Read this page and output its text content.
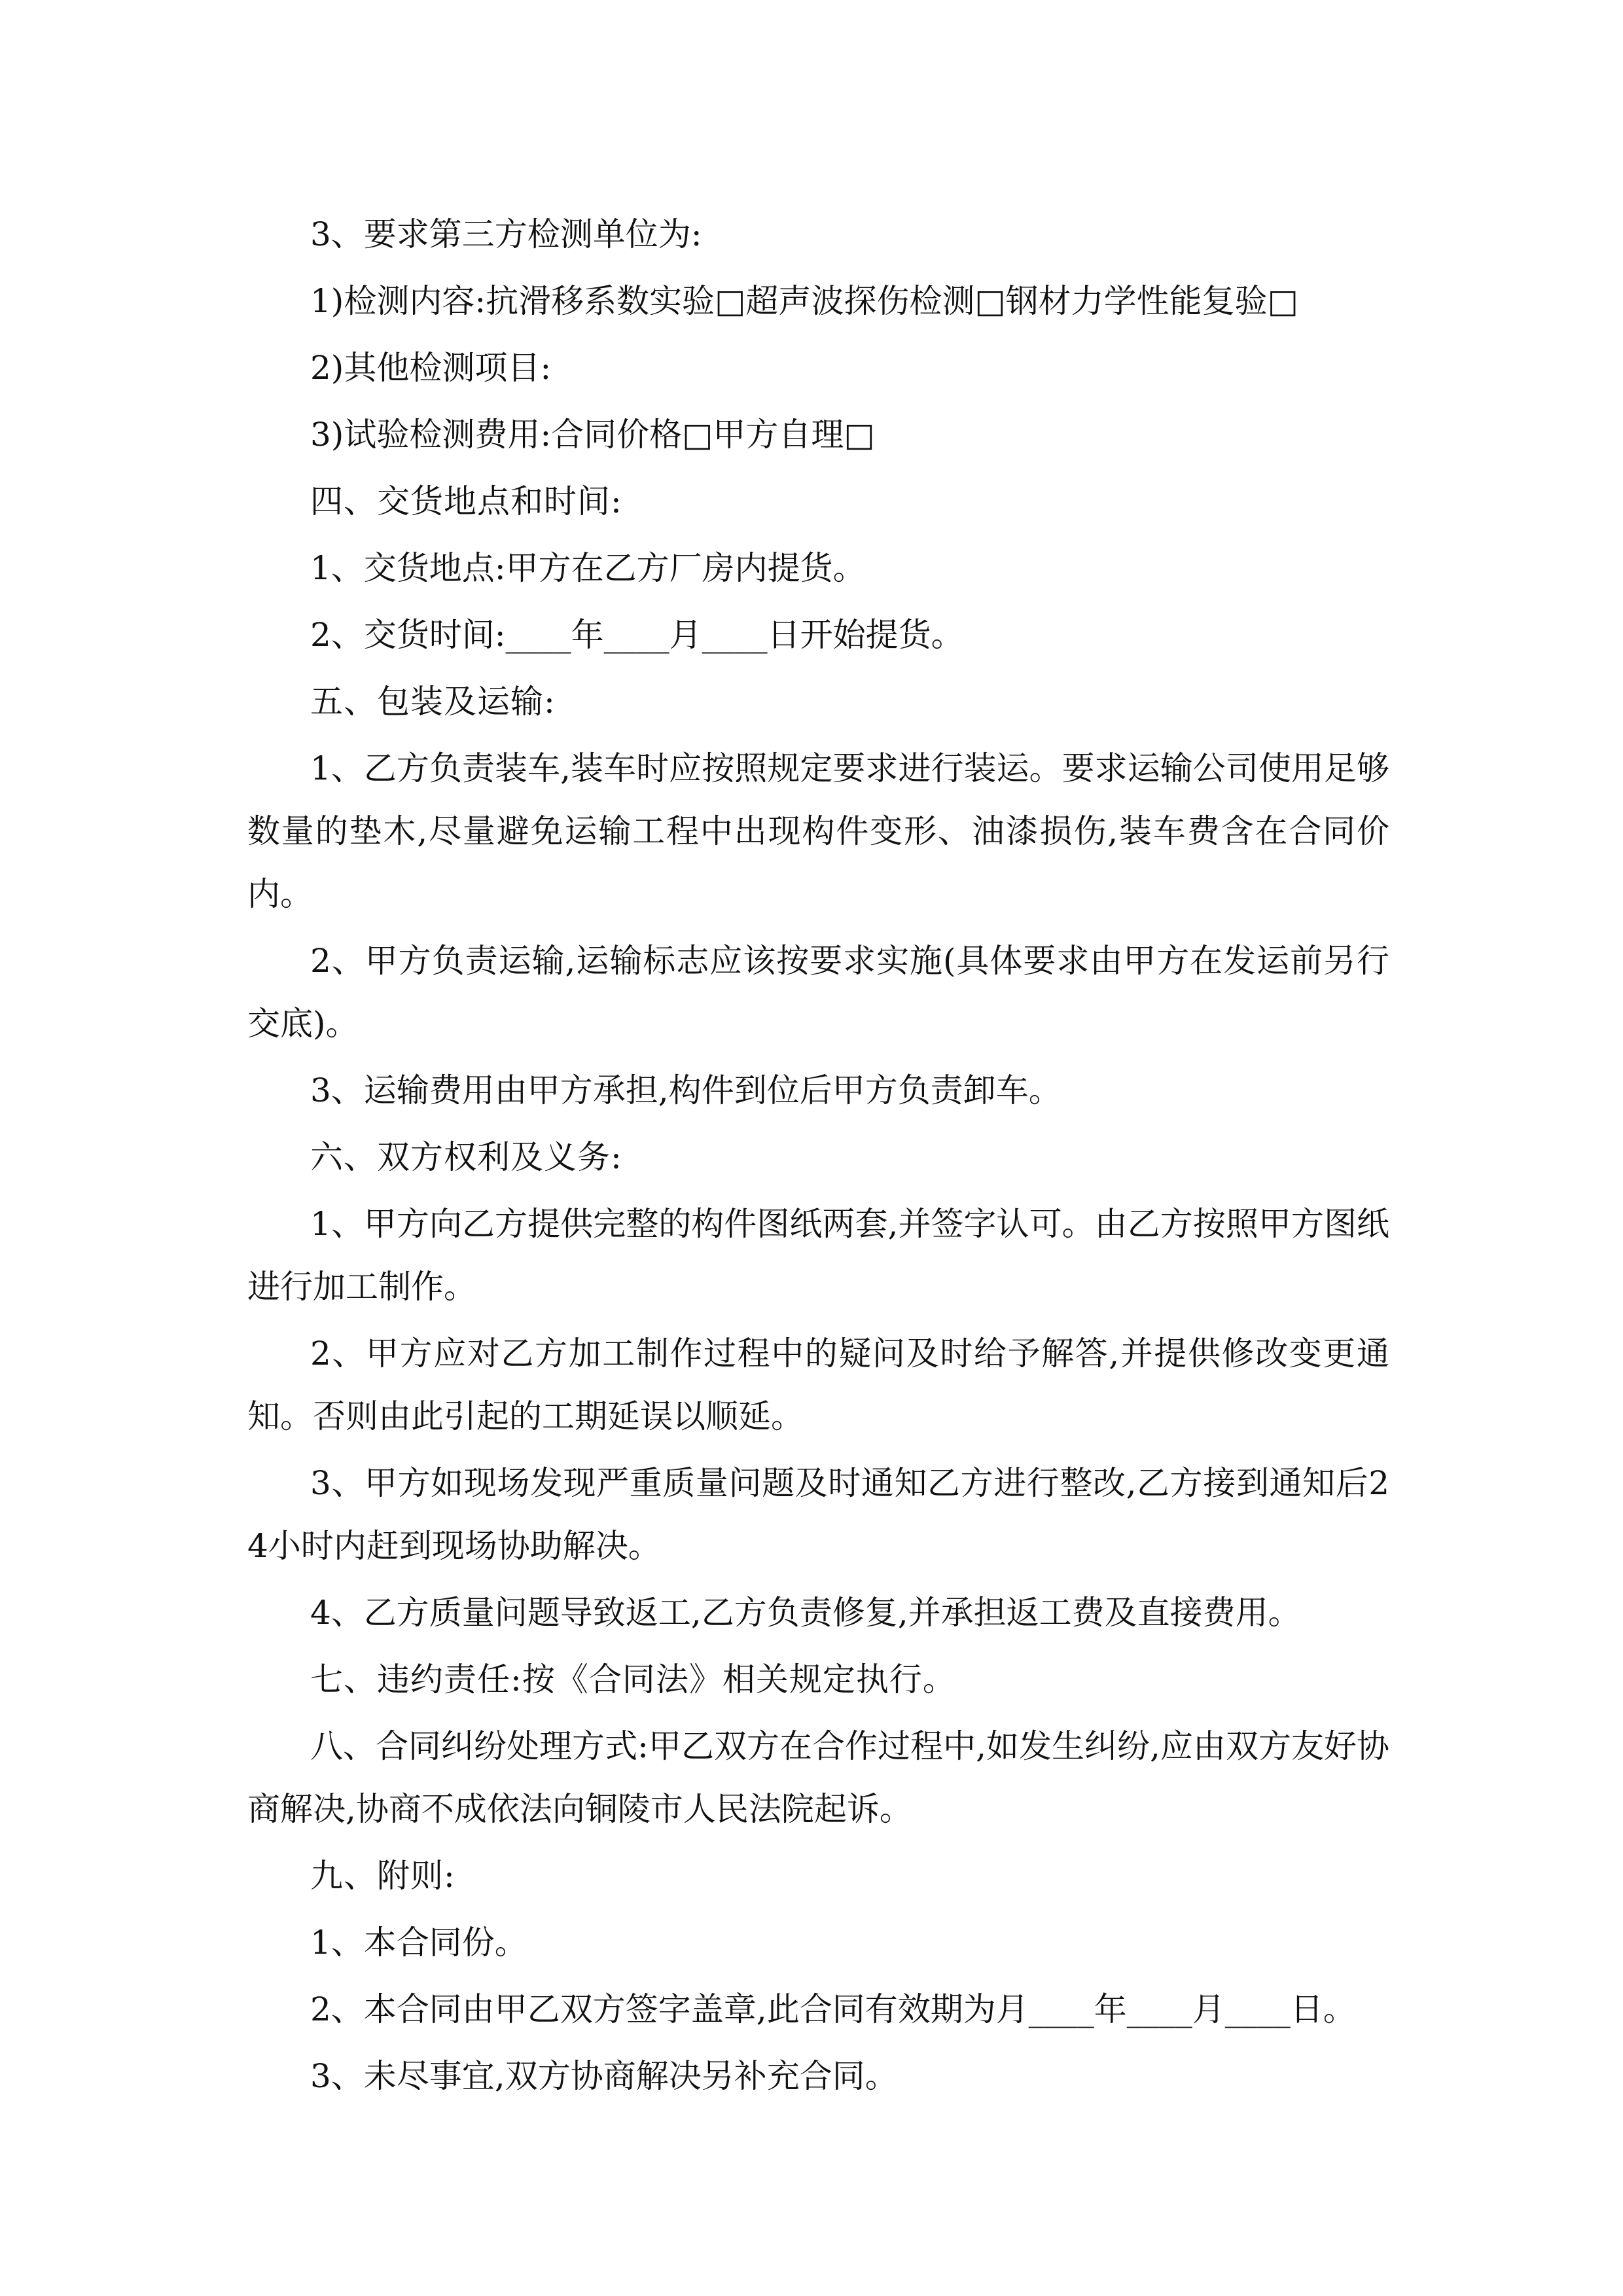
3、要求第三方检测单位为:

1)检测内容:抗滑移系数实验□超声波探伤检测□钢材力学性能复验□

2)其他检测项目:

3)试验检测费用:合同价格□甲方自理□

四、交货地点和时间:

1、交货地点:甲方在乙方厂房内提货。

2、交货时间:____年____月____日开始提货。

五、包装及运输:

1、乙方负责装车,装车时应按照规定要求进行装运。要求运输公司使用足够数量的垫木,尽量避免运输工程中出现构件变形、油漆损伤,装车费含在合同价内。

2、甲方负责运输,运输标志应该按要求实施(具体要求由甲方在发运前另行交底)。

3、运输费用由甲方承担,构件到位后甲方负责卸车。

六、双方权利及义务:

1、甲方向乙方提供完整的构件图纸两套,并签字认可。由乙方按照甲方图纸进行加工制作。

2、甲方应对乙方加工制作过程中的疑问及时给予解答,并提供修改变更通知。否则由此引起的工期延误以顺延。

3、甲方如现场发现严重质量问题及时通知乙方进行整改,乙方接到通知后24小时内赶到现场协助解决。

4、乙方质量问题导致返工,乙方负责修复,并承担返工费及直接费用。

七、违约责任:按《合同法》相关规定执行。

八、合同纠纷处理方式:甲乙双方在合作过程中,如发生纠纷,应由双方友好协商解决,协商不成依法向铜陵市人民法院起诉。

九、附则:

1、本合同份。

2、本合同由甲乙双方签字盖章,此合同有效期为月____年____月____日。

3、未尽事宜,双方协商解决另补充合同。
